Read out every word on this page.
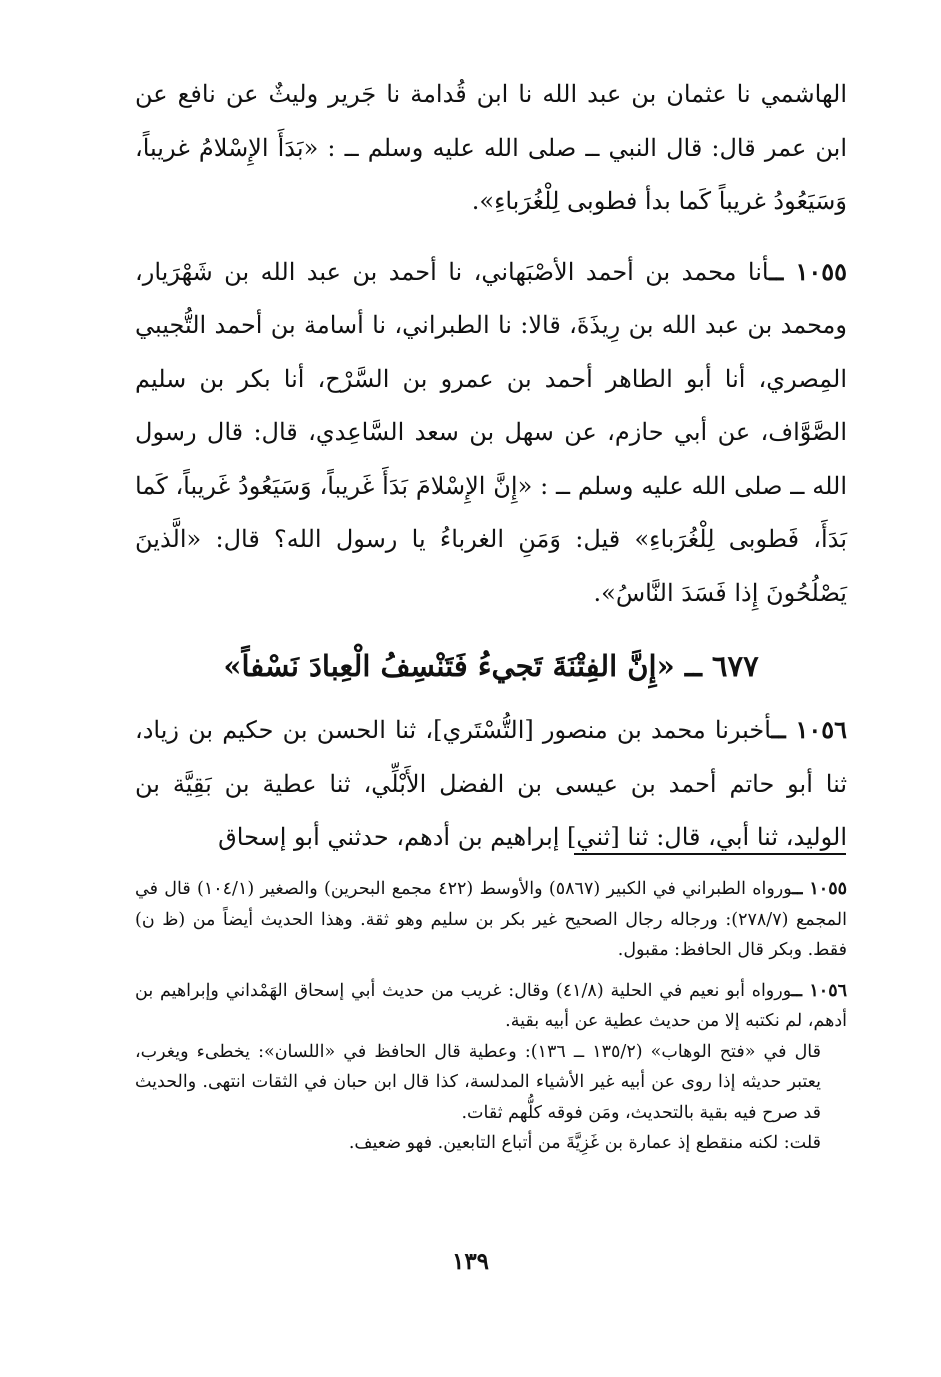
الهاشمي نا عثمان بن عبد الله نا ابن قُدامة نا جَرير وليثٌ عن نافع عن ابن عمر قال: قال النبي ــ صلى الله عليه وسلم ــ : «بَدَأَ الإِسْلامُ غريباً، وَسَيَعُودُ غريباً كَما بدأ فطوبى لِلْغُرَباءِ».

١٠٥٥ ــأنا محمد بن أحمد الأصْبَهاني، نا أحمد بن عبد الله بن شَهْرَيار، ومحمد بن عبد الله بن رِيذَةَ، قالا: نا الطبراني، نا أسامة بن أحمد التُّجيبي المِصري، أنا أبو الطاهر أحمد بن عمرو بن السَّرْح، أنا بكر بن سليم الصَّوَّاف، عن أبي حازم، عن سهل بن سعد السَّاعِدي، قال: قال رسول الله ــ صلى الله عليه وسلم ــ : «إِنَّ الإِسْلامَ بَدَأَ غَريباً، وَسَيَعُودُ غَريباً، كَما بَدَأَ، فَطوبى لِلْغُرَباءِ» قيل: وَمَنِ الغرباءُ يا رسول الله؟ قال: «الَّذينَ يَصْلُحُونَ إِذا فَسَدَ النَّاسُ».

٦٧٧ ــ «إِنَّ الفِتْنَةَ تَجيءُ فَتَنْسِفُ الْعِبادَ نَسْفاً»

١٠٥٦ ــأخبرنا محمد بن منصور [التُّسْتَري]، ثنا الحسن بن حكيم بن زياد، ثنا أبو حاتم أحمد بن عيسى بن الفضل الأَبْلِّي، ثنا عطية بن بَقِيَّة بن الوليد، ثنا أبي، قال: ثنا [ثني] إبراهيم بن أدهم، حدثني أبو إسحاق

١٠٥٥ ــورواه الطبراني في الكبير (٥٨٦٧) والأوسط (٤٢٢ مجمع البحرين) والصغير (١٠٤/١) قال في المجمع (٢٧٨/٧): ورجاله رجال الصحيح غير بكر بن سليم وهو ثقة. وهذا الحديث أيضاً من (ظ ن) فقط. وبكر قال الحافظ: مقبول.

١٠٥٦ ــورواه أبو نعيم في الحلية (٤١/٨) وقال: غريب من حديث أبي إسحاق الهَمْداني وإبراهيم بن أدهم، لم نكتبه إلا من حديث عطية عن أبيه بقية.

قال في «فتح الوهاب» (١٣٥/٢ ــ ١٣٦): وعطية قال الحافظ في «اللسان»: يخطىء ويغرب، يعتبر حديثه إذا روى عن أبيه غير الأشياء المدلسة، كذا قال ابن حبان في الثقات انتهى. والحديث قد صرح فيه بقية بالتحديث، ومَن فوقه كلُّهم ثقات.

قلت: لكنه منقطع إذ عمارة بن غَزِيَّةَ من أتباع التابعين. فهو ضعيف.

١٣٩
